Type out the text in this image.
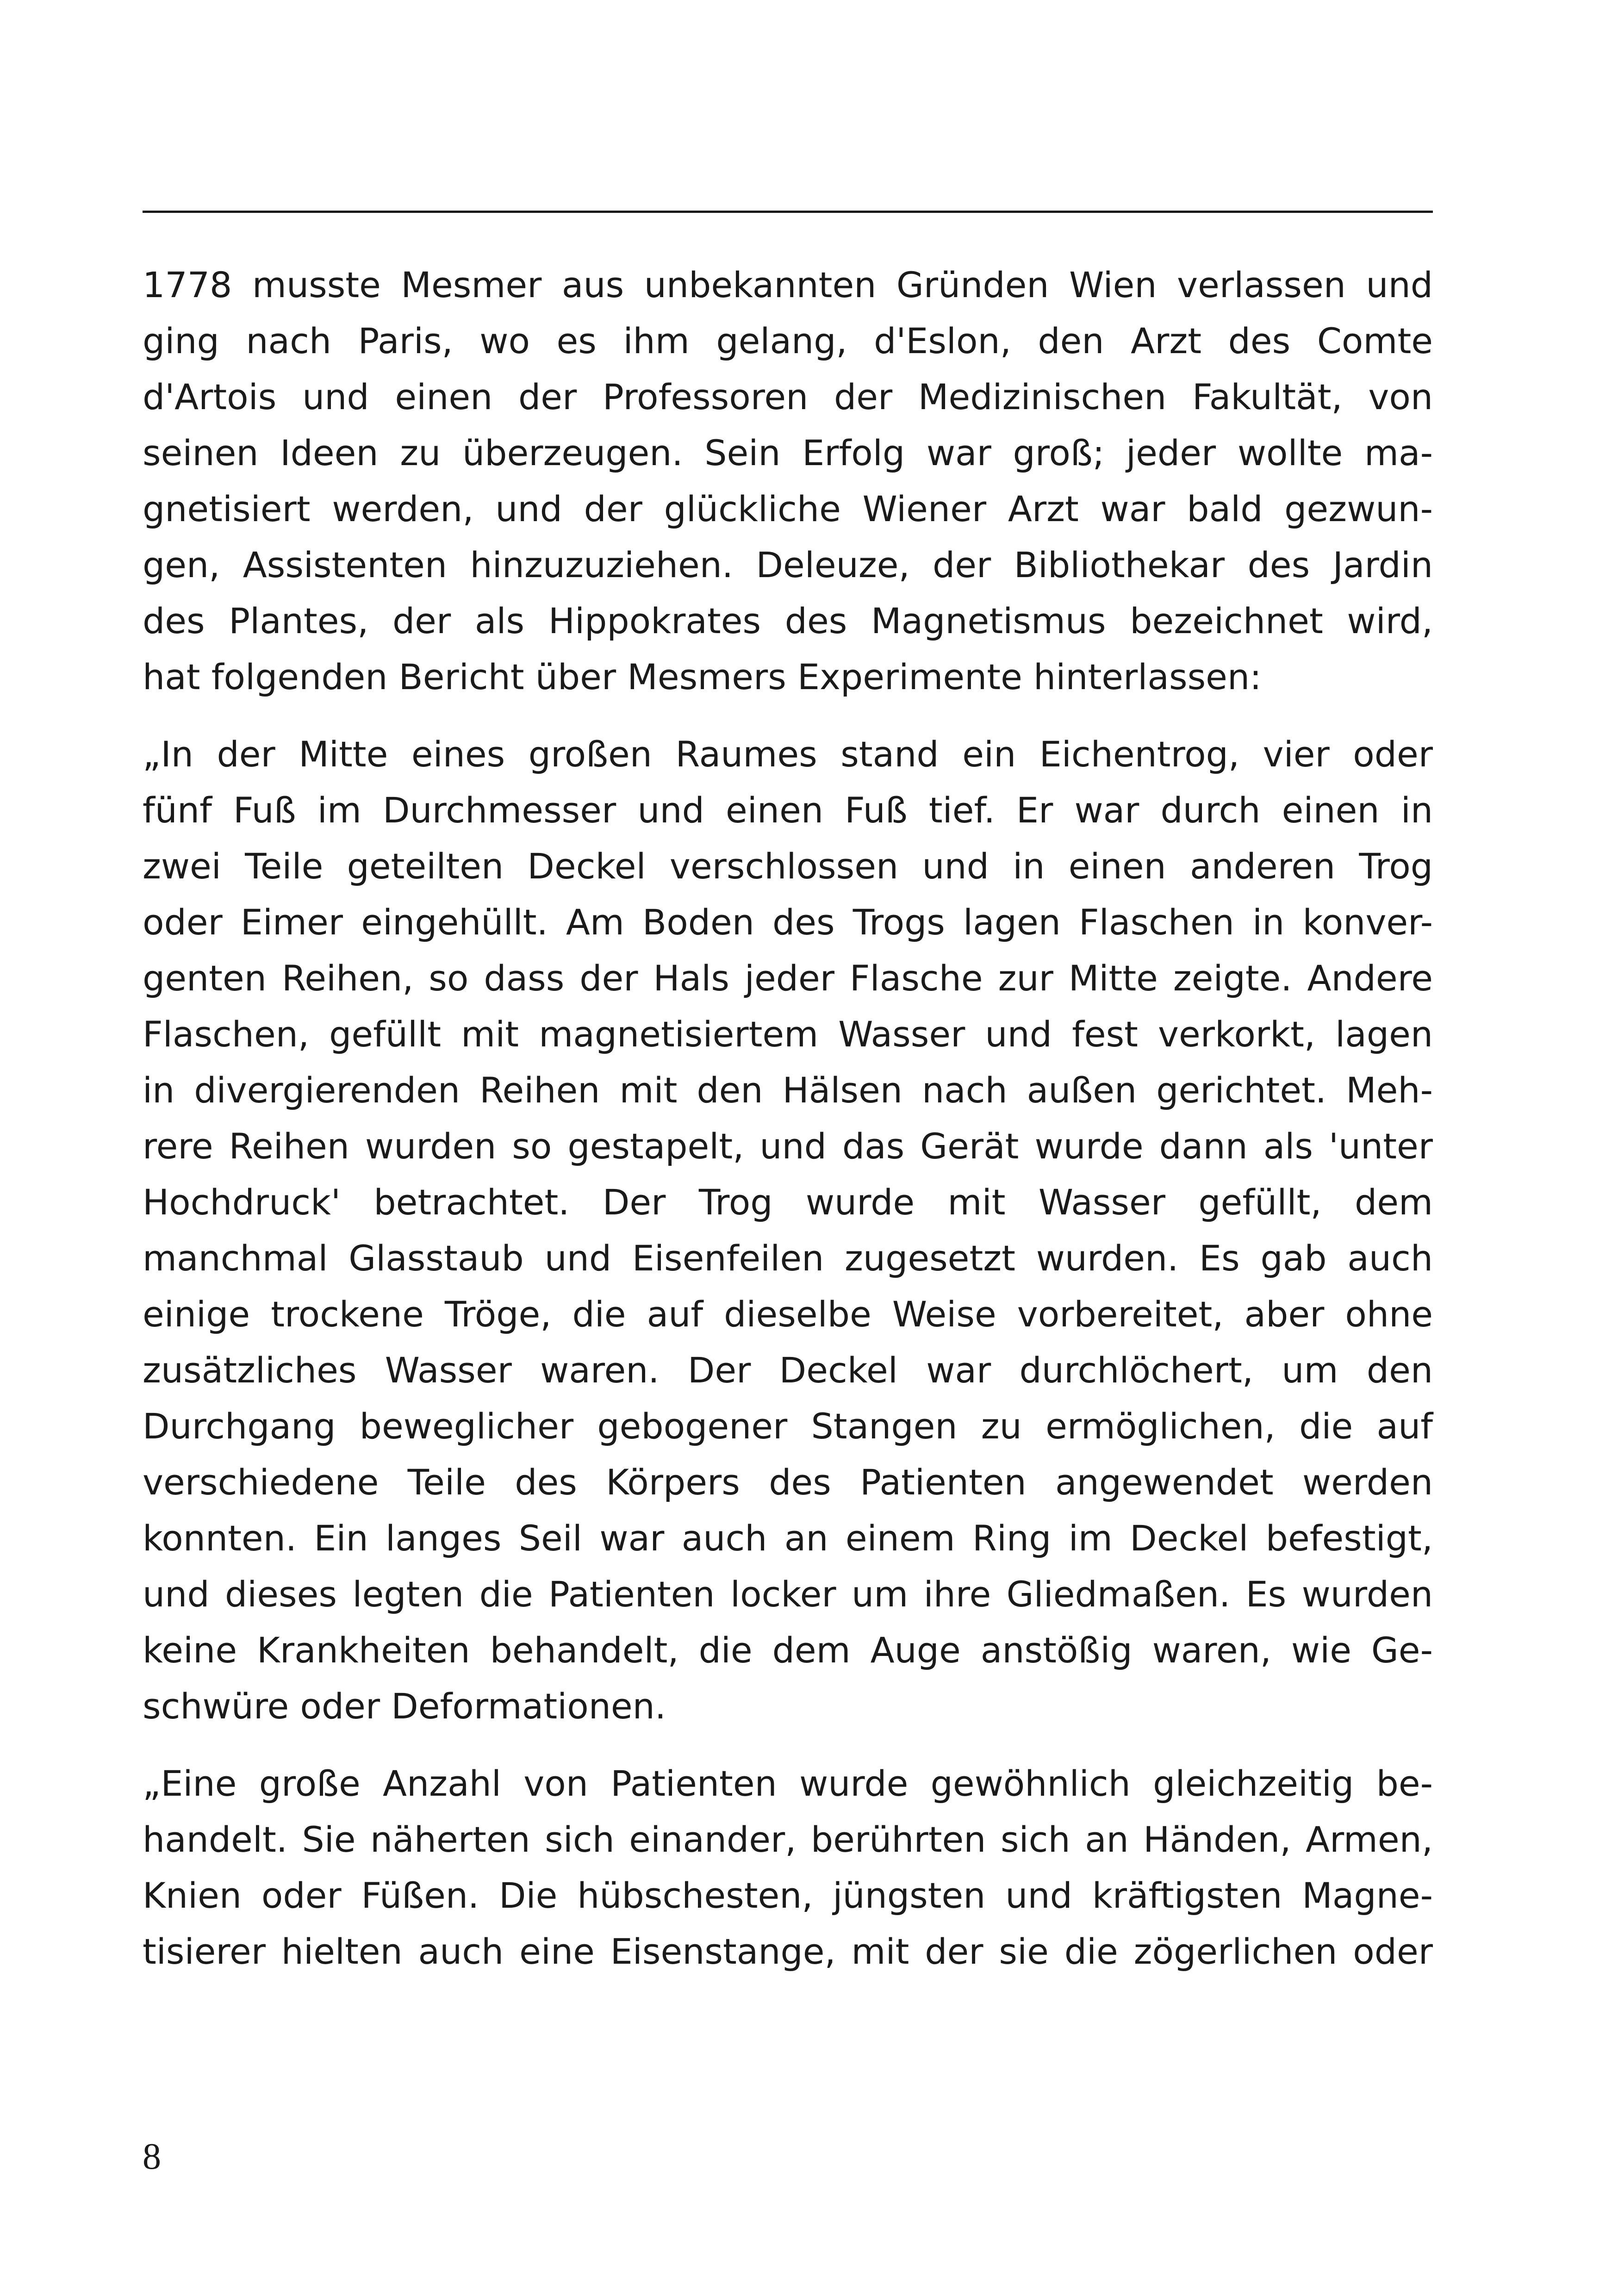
1778 musste Mesmer aus unbekannten Gründen Wien verlassen und
ging nach Paris, wo es ihm gelang, d'Eslon, den Arzt des Comte
d'Artois und einen der Professoren der Medizinischen Fakultät, von
seinen Ideen zu überzeugen. Sein Erfolg war groß; jeder wollte ma-
gnetisiert werden, und der glückliche Wiener Arzt war bald gezwun-
gen, Assistenten hinzuzuziehen. Deleuze, der Bibliothekar des Jardin
des Plantes, der als Hippokrates des Magnetismus bezeichnet wird,
hat folgenden Bericht über Mesmers Experimente hinterlassen:
„In der Mitte eines großen Raumes stand ein Eichentrog, vier oder
fünf Fuß im Durchmesser und einen Fuß tief. Er war durch einen in
zwei Teile geteilten Deckel verschlossen und in einen anderen Trog
oder Eimer eingehüllt. Am Boden des Trogs lagen Flaschen in konver-
genten Reihen, so dass der Hals jeder Flasche zur Mitte zeigte. Andere
Flaschen, gefüllt mit magnetisiertem Wasser und fest verkorkt, lagen
in divergierenden Reihen mit den Hälsen nach außen gerichtet. Meh-
rere Reihen wurden so gestapelt, und das Gerät wurde dann als 'unter
Hochdruck' betrachtet. Der Trog wurde mit Wasser gefüllt, dem
manchmal Glasstaub und Eisenfeilen zugesetzt wurden. Es gab auch
einige trockene Tröge, die auf dieselbe Weise vorbereitet, aber ohne
zusätzliches Wasser waren. Der Deckel war durchlöchert, um den
Durchgang beweglicher gebogener Stangen zu ermöglichen, die auf
verschiedene Teile des Körpers des Patienten angewendet werden
konnten. Ein langes Seil war auch an einem Ring im Deckel befestigt,
und dieses legten die Patienten locker um ihre Gliedmaßen. Es wurden
keine Krankheiten behandelt, die dem Auge anstößig waren, wie Ge-
schwüre oder Deformationen.
„Eine große Anzahl von Patienten wurde gewöhnlich gleichzeitig be-
handelt. Sie näherten sich einander, berührten sich an Händen, Armen,
Knien oder Füßen. Die hübschesten, jüngsten und kräftigsten Magne-
tisierer hielten auch eine Eisenstange, mit der sie die zögerlichen oder
8
